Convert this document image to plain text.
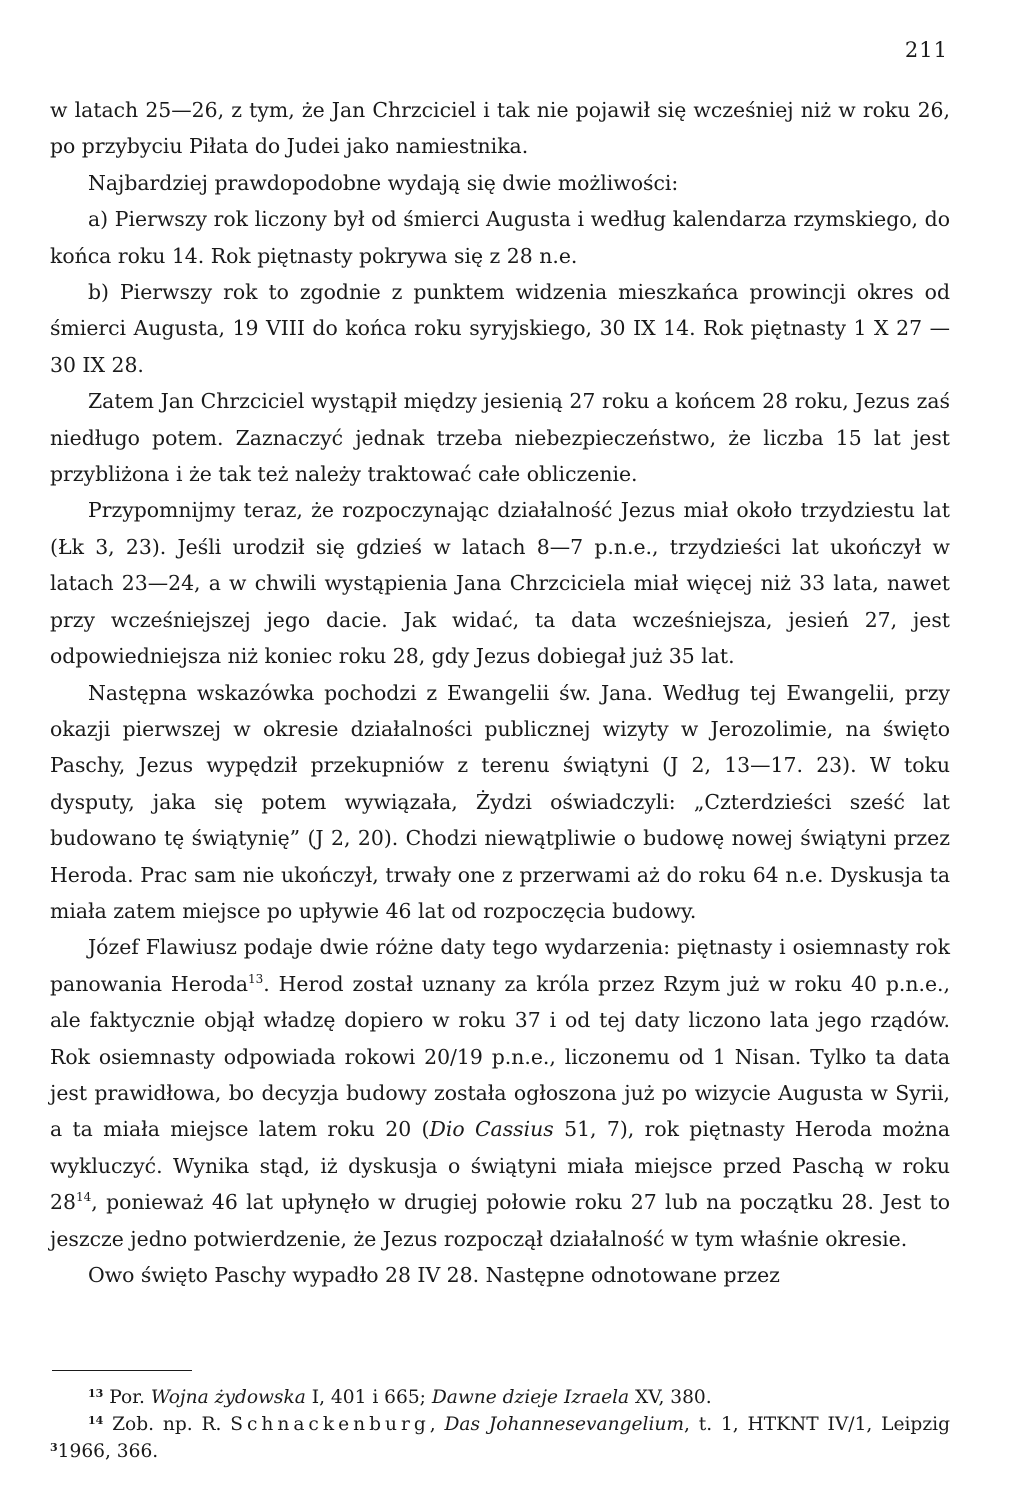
211

w latach 25—26, z tym, że Jan Chrzciciel i tak nie pojawił się wcześniej niż w roku 26, po przybyciu Piłata do Judei jako namiestnika.

Najbardziej prawdopodobne wydają się dwie możliwości:

a) Pierwszy rok liczony był od śmierci Augusta i według kalendarza rzymskiego, do końca roku 14. Rok piętnasty pokrywa się z 28 n.e.

b) Pierwszy rok to zgodnie z punktem widzenia mieszkańca prowincji okres od śmierci Augusta, 19 VIII do końca roku syryjskiego, 30 IX 14. Rok piętnasty 1 X 27 — 30 IX 28.

Zatem Jan Chrzciciel wystąpił między jesienią 27 roku a końcem 28 roku, Jezus zaś niedługo potem. Zaznaczyć jednak trzeba niebezpieczeństwo, że liczba 15 lat jest przybliżona i że tak też należy traktować całe obliczenie.

Przypomnijmy teraz, że rozpoczynając działalność Jezus miał około trzydziestu lat (Łk 3, 23). Jeśli urodził się gdzieś w latach 8—7 p.n.e., trzydzieści lat ukończył w latach 23—24, a w chwili wystąpienia Jana Chrzciciela miał więcej niż 33 lata, nawet przy wcześniejszej jego dacie. Jak widać, ta data wcześniejsza, jesień 27, jest odpowiedniejsza niż koniec roku 28, gdy Jezus dobiegał już 35 lat.

Następna wskazówka pochodzi z Ewangelii św. Jana. Według tej Ewangelii, przy okazji pierwszej w okresie działalności publicznej wizyty w Jerozolimie, na święto Paschy, Jezus wypędził przekupniów z terenu świątyni (J 2, 13—17. 23). W toku dysputy, jaka się potem wywiązała, Żydzi oświadczyli: „Czterdzieści sześć lat budowano tę świątynię” (J 2, 20). Chodzi niewątpliwie o budowę nowej świątyni przez Heroda. Prac sam nie ukończył, trwały one z przerwami aż do roku 64 n.e. Dyskusja ta miała zatem miejsce po upływie 46 lat od rozpoczęcia budowy.

Józef Flawiusz podaje dwie różne daty tego wydarzenia: piętnasty i osiemnasty rok panowania Heroda$^{13}$. Herod został uznany za króla przez Rzym już w roku 40 p.n.e., ale faktycznie objął władzę dopiero w roku 37 i od tej daty liczono lata jego rządów. Rok osiemnasty odpowiada rokowi 20/19 p.n.e., liczonemu od 1 Nisan. Tylko ta data jest prawidłowa, bo decyzja budowy została ogłoszona już po wizycie Augusta w Syrii, a ta miała miejsce latem roku 20 (Dio Cassius 51, 7), rok piętnasty Heroda można wykluczyć. Wynika stąd, iż dyskusja o świątyni miała miejsce przed Paschą w roku 28$^{14}$, ponieważ 46 lat upłynęło w drugiej połowie roku 27 lub na początku 28. Jest to jeszcze jedno potwierdzenie, że Jezus rozpoczął działalność w tym właśnie okresie.

Owo święto Paschy wypadło 28 IV 28. Następne odnotowane przez

$^{13}$ Por. Wojna żydowska I, 401 i 665; Dawne dzieje Izraela XV, 380.

$^{14}$ Zob. np. R. Schnackenburg, Das Johannesevangelium, t. 1, HTKNT IV/1, Leipzig $^3$1966, 366.
